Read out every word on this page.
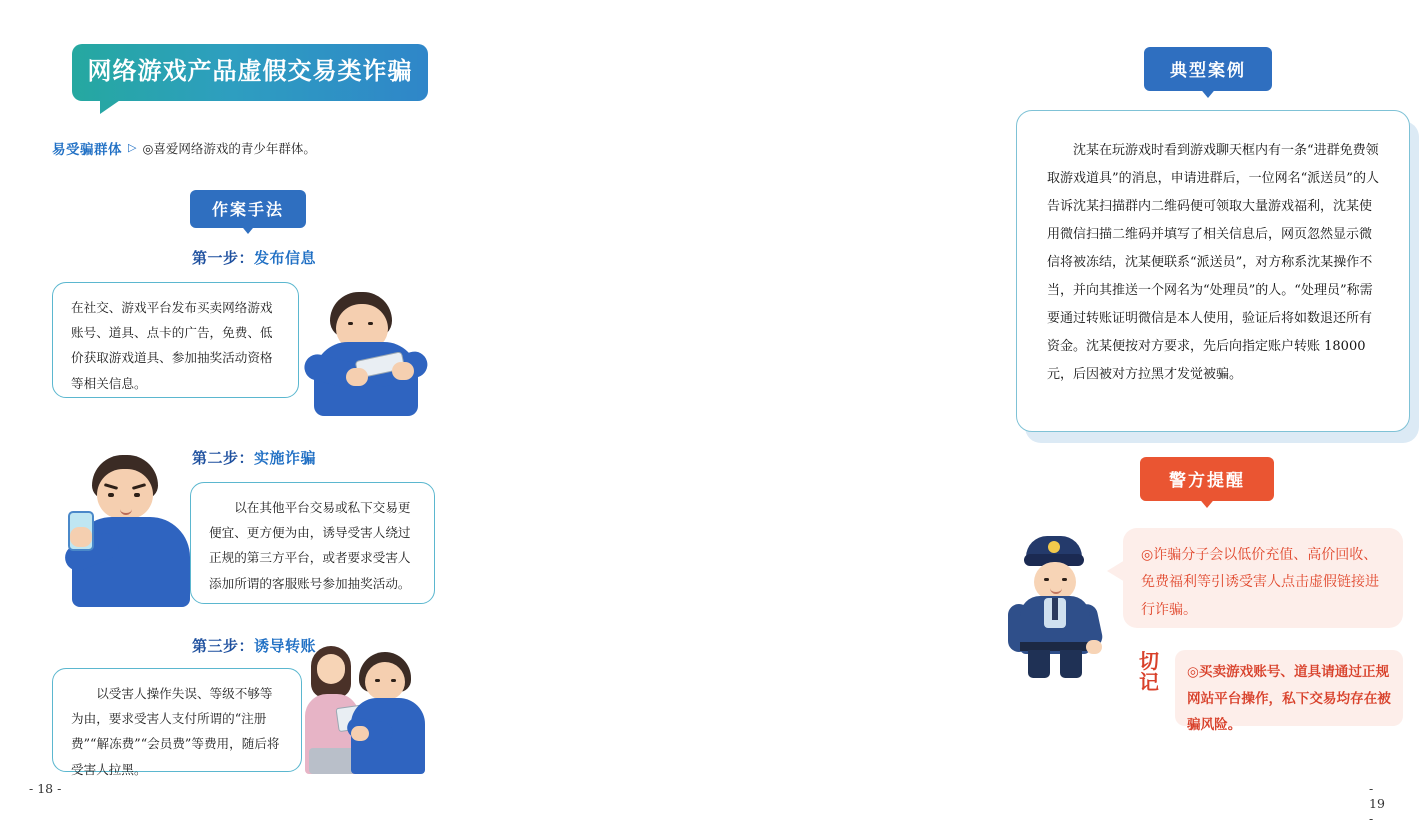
网络游戏产品虚假交易类诈骗
易受骗群体 ▷ ◎喜爱网络游戏的青少年群体。
作案手法
第一步：发布信息
在社交、游戏平台发布买卖网络游戏账号、道具、点卡的广告，免费、低价获取游戏道具、参加抽奖活动资格等相关信息。
第二步：实施诈骗
以在其他平台交易或私下交易更便宜、更方便为由，诱导受害人绕过正规的第三方平台，或者要求受害人添加所谓的客服账号参加抽奖活动。
第三步：诱导转账
以受害人操作失误、等级不够等为由，要求受害人支付所谓的“注册费”“解冻费”“会员费”等费用，随后将受害人拉黑。
- 18 -
典型案例
沈某在玩游戏时看到游戏聊天框内有一条“进群免费领取游戏道具”的消息，申请进群后，一位网名“派送员”的人告诉沈某扫描群内二维码便可领取大量游戏福利，沈某使用微信扫描二维码并填写了相关信息后，网页忽然显示微信将被冻结，沈某便联系“派送员”，对方称系沈某操作不当，并向其推送一个网名为“处理员”的人。“处理员”称需要通过转账证明微信是本人使用，验证后将如数退还所有资金。沈某便按对方要求，先后向指定账户转账 18000 元，后因被对方拉黑才发觉被骗。
警方提醒
◎诈骗分子会以低价充值、高价回收、免费福利等引诱受害人点击虚假链接进行诈骗。
切记	◎买卖游戏账号、道具请通过正规网站平台操作，私下交易均存在被骗风险。
- 19 -
